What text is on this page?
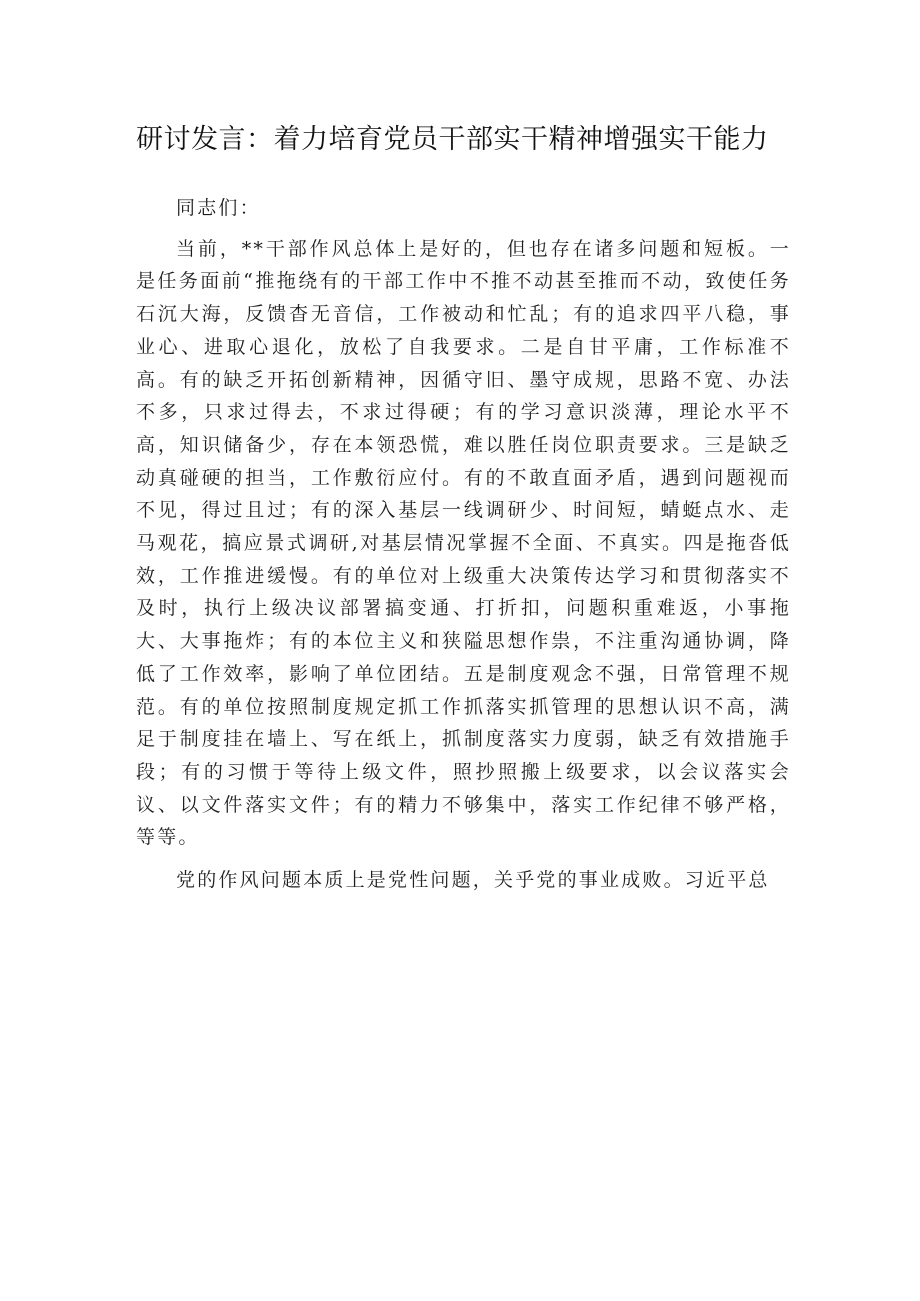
研讨发言：着力培育党员干部实干精神增强实干能力

同志们：

当前，**干部作风总体上是好的，但也存在诸多问题和短板。一是任务面前“推拖绕有的干部工作中不推不动甚至推而不动，致使任务石沉大海，反馈杳无音信，工作被动和忙乱；有的追求四平八稳，事业心、进取心退化，放松了自我要求。二是自甘平庸，工作标准不高。有的缺乏开拓创新精神，因循守旧、墨守成规，思路不宽、办法不多，只求过得去，不求过得硬；有的学习意识淡薄，理论水平不高，知识储备少，存在本领恐慌，难以胜任岗位职责要求。三是缺乏动真碰硬的担当，工作敷衍应付。有的不敢直面矛盾，遇到问题视而不见，得过且过；有的深入基层一线调研少、时间短，蜻蜓点水、走马观花，搞应景式调研,对基层情况掌握不全面、不真实。四是拖沓低效，工作推进缓慢。有的单位对上级重大决策传达学习和贯彻落实不及时，执行上级决议部署搞变通、打折扣，问题积重难返，小事拖大、大事拖炸；有的本位主义和狭隘思想作祟，不注重沟通协调，降低了工作效率，影响了单位团结。五是制度观念不强，日常管理不规范。有的单位按照制度规定抓工作抓落实抓管理的思想认识不高，满足于制度挂在墙上、写在纸上，抓制度落实力度弱，缺乏有效措施手段；有的习惯于等待上级文件，照抄照搬上级要求，以会议落实会议、以文件落实文件；有的精力不够集中，落实工作纪律不够严格，等等。

党的作风问题本质上是党性问题，关乎党的事业成败。习近平总
